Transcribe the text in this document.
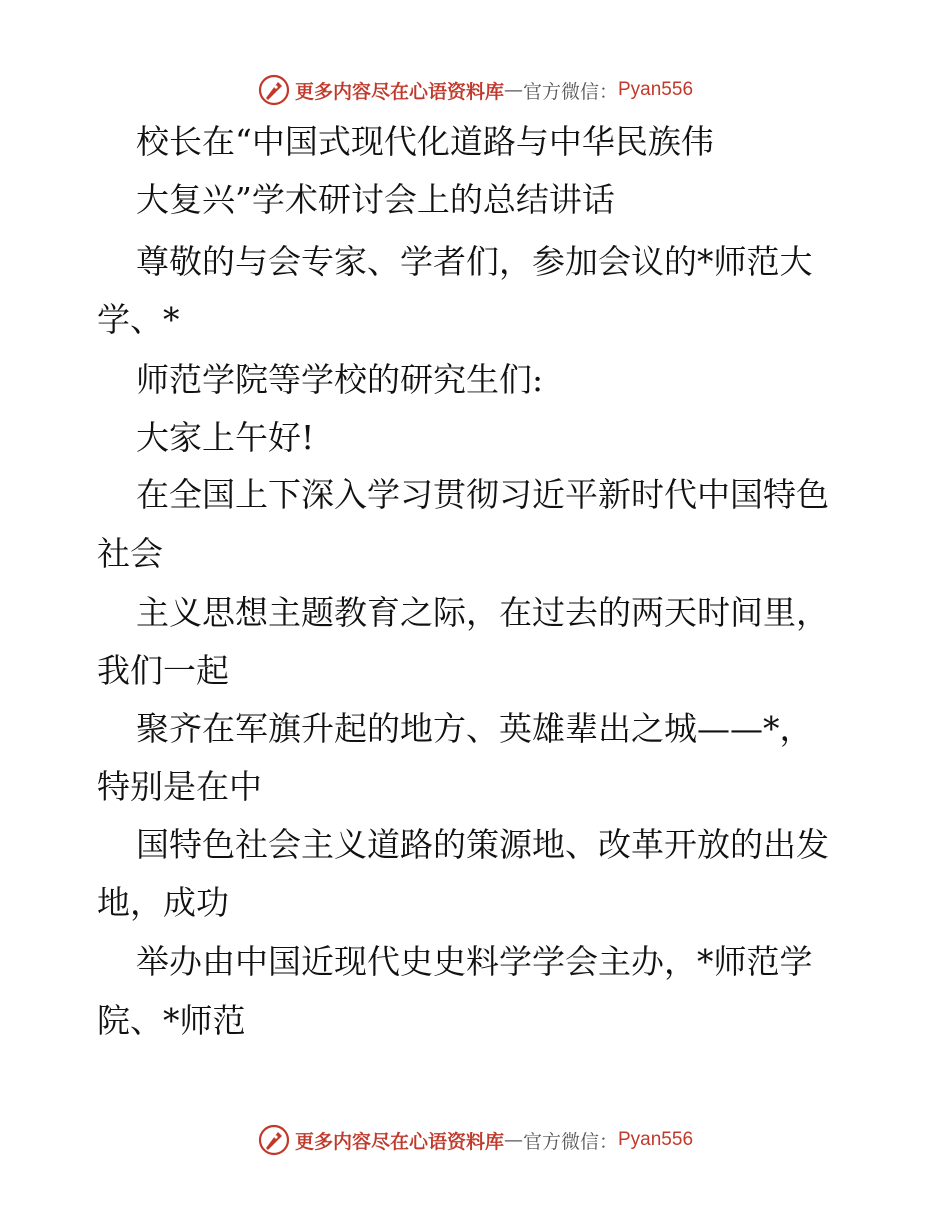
更多内容尽在心语资料库 — 官方微信： Pyan556
校长在“中国式现代化道路与中华民族伟
大复兴”学术研讨会上的总结讲话
尊敬的与会专家、学者们，参加会议的*师范大
学、*
师范学院等学校的研究生们:
大家上午好!
在全国上下深入学习贯彻习近平新时代中国特色
社会
主义思想主题教育之际，在过去的两天时间里，
我们一起
聚齐在军旗升起的地方、英雄辈出之城——*，
特别是在中
国特色社会主义道路的策源地、改革开放的出发
地，成功
举办由中国近现代史史料学学会主办，*师范学
院、*师范
更多内容尽在心语资料库 — 官方微信： Pyan556
